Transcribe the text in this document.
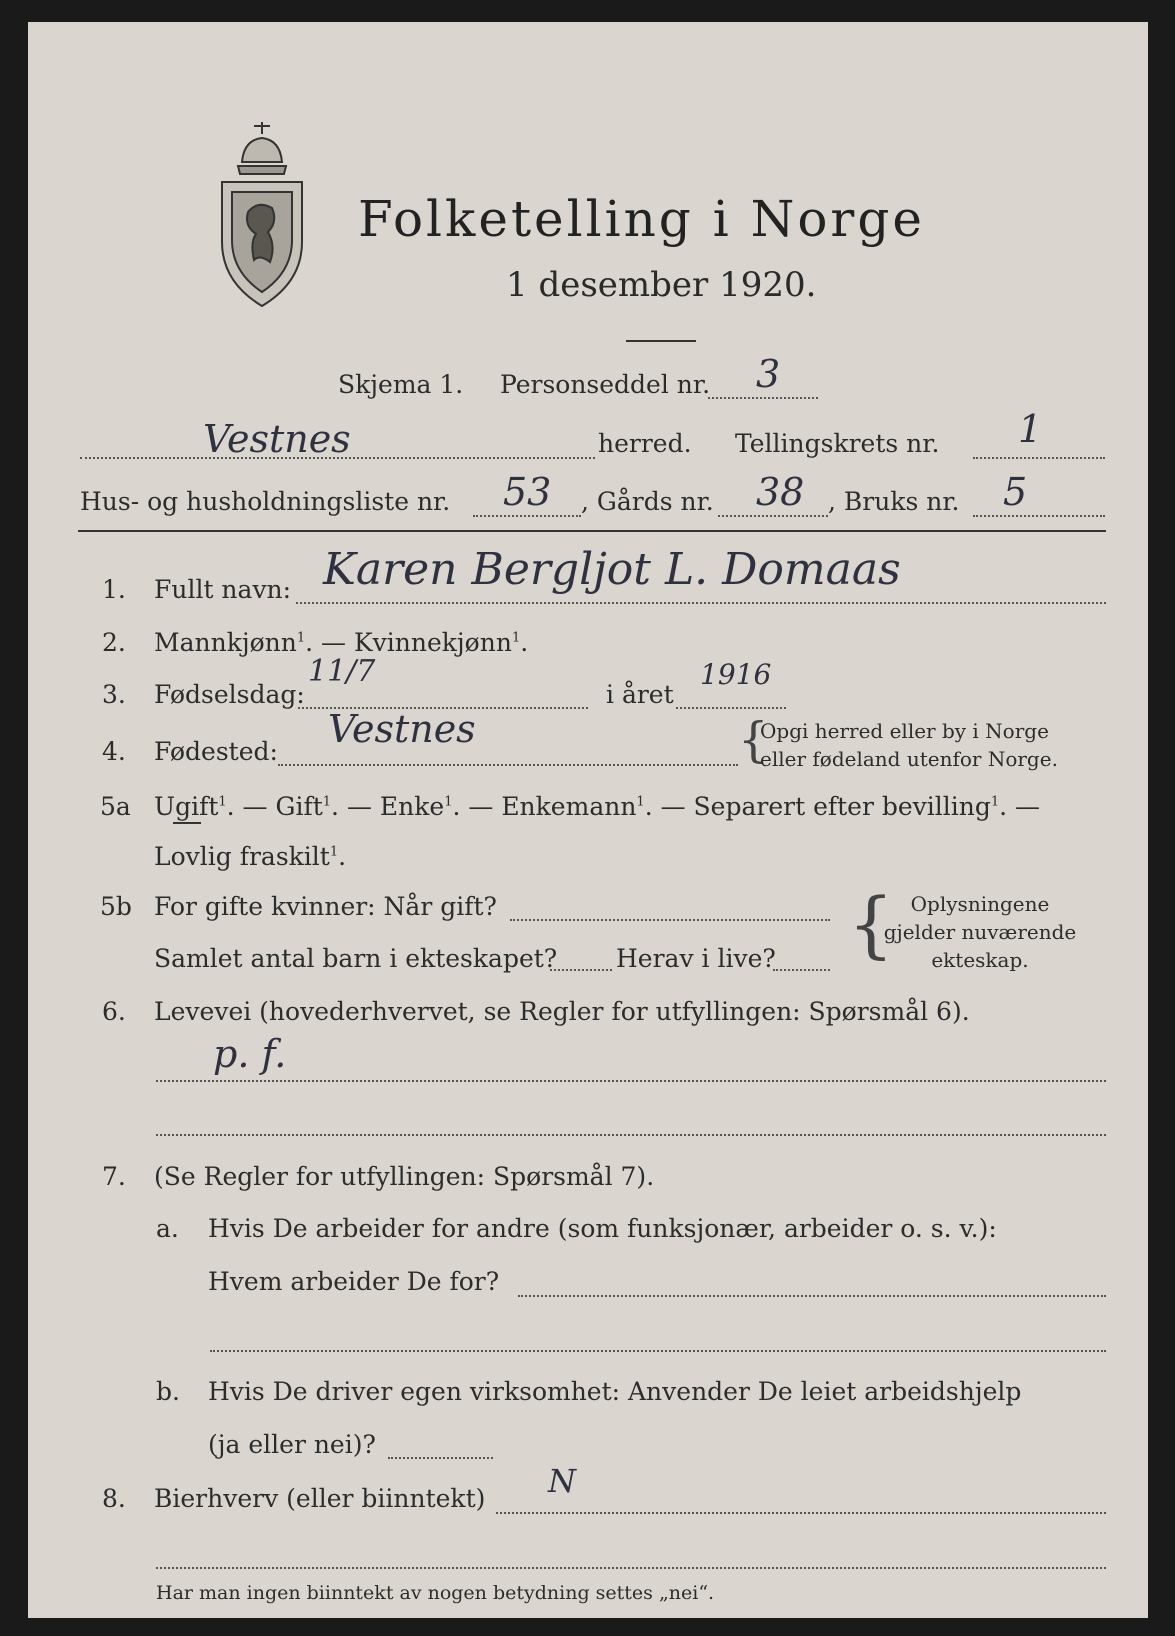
Folketelling i Norge
1 desember 1920.
Skjema 1. Personseddel nr. 3
Vestnes	herred. Tellingskrets nr. 1
Hus- og husholdningsliste nr. 53 , Gårds nr. 38 , Bruks nr. 5
1. Fullt navn: Karen Bergljot L. Domaas
2. Mannkjønn$^1$. — Kvinnekjønn$^1$.
3. Fødselsdag:
11/7
i året
1916
4. Fødested:
Vestnes	{
Opgi herred eller by i Norge
eller fødeland utenfor Norge.
5a Ugift$^1$. — Gift$^1$. — Enke$^1$. — Enkemann$^1$. — Separert efter bevilling$^1$. —
Lovlig fraskilt$^1$.
5b For gifte kvinner: Når gift?
Samlet antal barn i ekteskapet? Herav i live? { Oplysningene
gjelder nuværende
ekteskap.
6. Levevei (hovederhvervet, se Regler for utfyllingen: Spørsmål 6).
p. f.
7. (Se Regler for utfyllingen: Spørsmål 7).
a. Hvis De arbeider for andre (som funksjonær, arbeider o. s. v.):
Hvem arbeider De for?
b. Hvis De driver egen virksomhet: Anvender De leiet arbeidshjelp
(ja eller nei)?
8. Bierhverv (eller biinntekt) N
Har man ingen biinntekt av nogen betydning settes „nei“.
